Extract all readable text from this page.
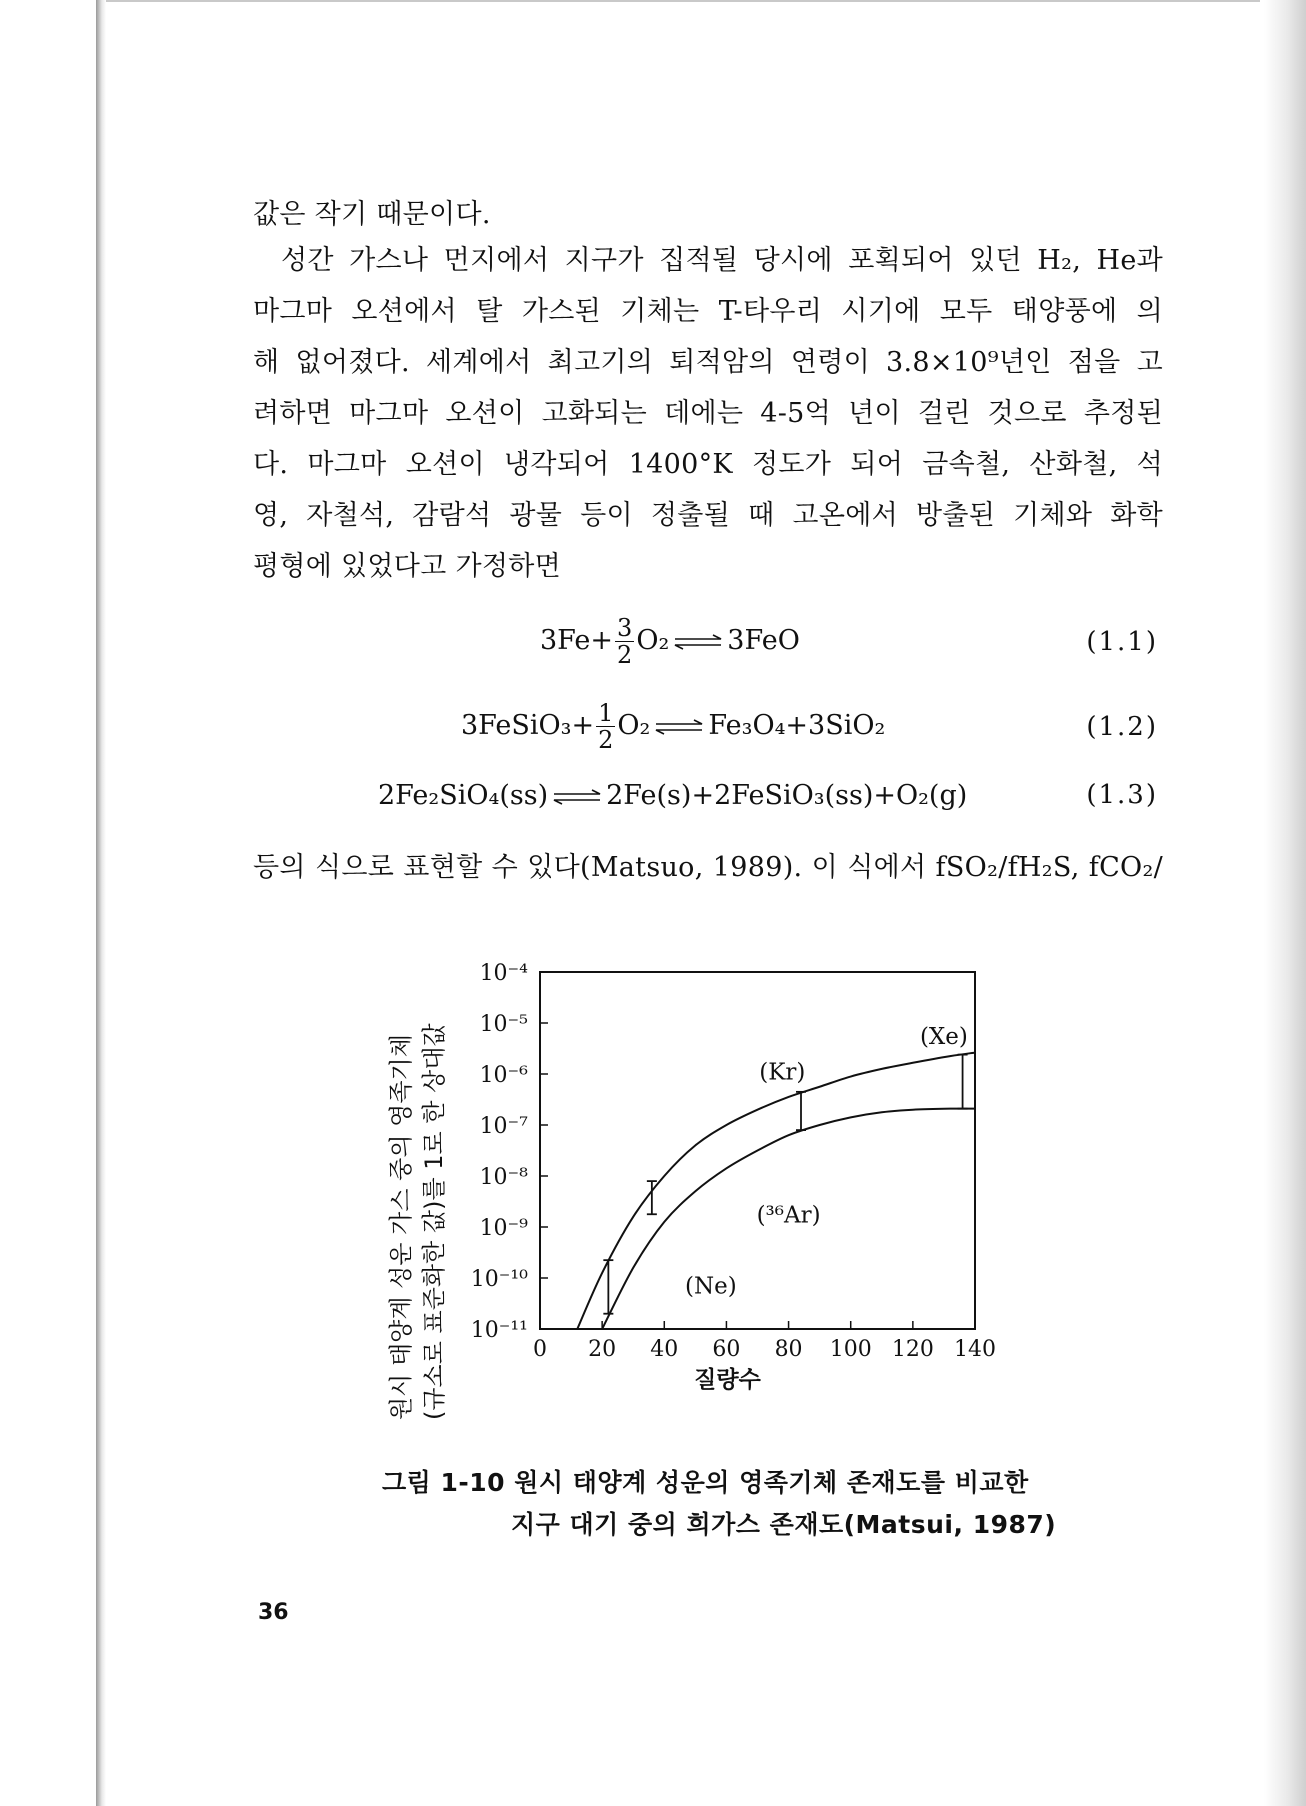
값은 작기 때문이다.
성간 가스나 먼지에서 지구가 집적될 당시에 포획되어 있던 H₂, He과
마그마 오션에서 탈 가스된 기체는 T-타우리 시기에 모두 태양풍에 의
해 없어졌다. 세계에서 최고기의 퇴적암의 연령이 3.8×10⁹년인 점을 고
려하면 마그마 오션이 고화되는 데에는 4-5억 년이 걸린 것으로 추정된
다. 마그마 오션이 냉각되어 1400°K 정도가 되어 금속철, 산화철, 석
영, 자철석, 감람석 광물 등이 정출될 때 고온에서 방출된 기체와 화학
평형에 있었다고 가정하면
$3Fe+ \frac{3}{2} O_2$ ⇌ 3FeO	(1.1)
3FeSiO₃+ $\frac{1}{2} O_2$ ⇌ Fe₃O₄+3SiO₂	(1.2)
2Fe₂SiO₄(ss) ⇌ 2Fe(s)+2FeSiO₃(ss)+O₂(g)	(1.3)
등의 식으로 표현할 수 있다(Matsuo, 1989). 이 식에서 fSO₂/fH₂S, fCO₂/
10⁻⁴
10⁻⁵
10⁻⁶
10⁻⁷
10⁻⁸
10⁻⁹
10⁻¹⁰
10⁻¹¹
0 20 40 60 80 100 120 140
질량수
(Ne)
(³⁶Ar)
(Kr)
(Xe)
원시 태양계 성운 가스 중의 영족기체 (규소로 표준화한 값)를 1로 한 상대값
그림 1-10 원시 태양계 성운의 영족기체 존재도를 비교한
지구 대기 중의 희가스 존재도(Matsui, 1987)
36
